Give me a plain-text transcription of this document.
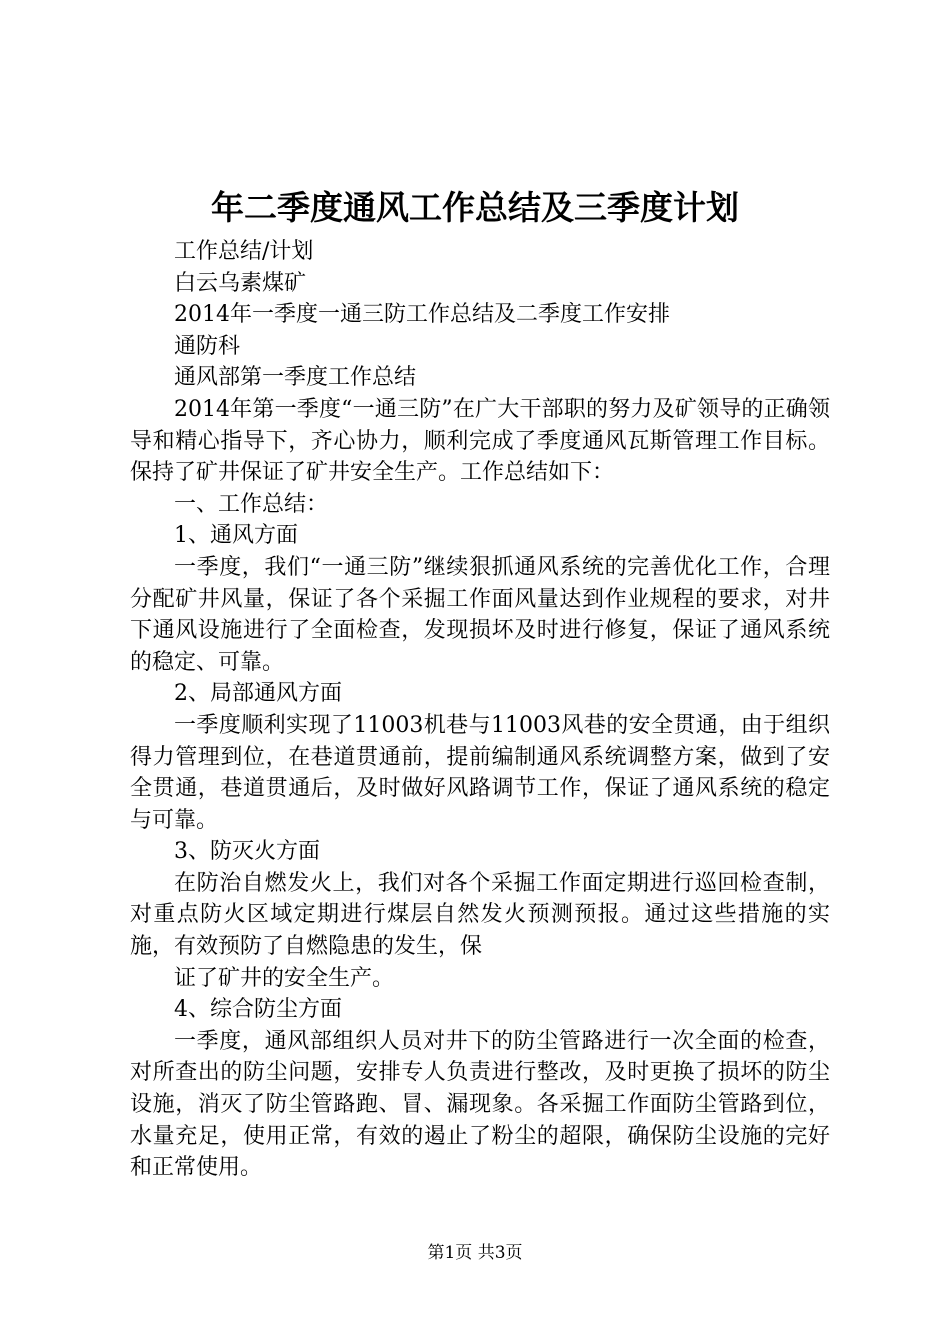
年二季度通风工作总结及三季度计划

工作总结/计划

白云乌素煤矿

2014年一季度一通三防工作总结及二季度工作安排

通防科

通风部第一季度工作总结

2014年第一季度“一通三防”在广大干部职的努力及矿领导的正确领导和精心指导下，齐心协力，顺利完成了季度通风瓦斯管理工作目标。保持了矿井保证了矿井安全生产。工作总结如下：

一、工作总结：

1、通风方面

一季度，我们“一通三防”继续狠抓通风系统的完善优化工作，合理分配矿井风量，保证了各个采掘工作面风量达到作业规程的要求，对井下通风设施进行了全面检查，发现损坏及时进行修复，保证了通风系统的稳定、可靠。

2、局部通风方面

一季度顺利实现了11003机巷与11003风巷的安全贯通，由于组织得力管理到位，在巷道贯通前，提前编制通风系统调整方案，做到了安全贯通，巷道贯通后，及时做好风路调节工作，保证了通风系统的稳定与可靠。

3、防灭火方面

在防治自燃发火上，我们对各个采掘工作面定期进行巡回检查制，对重点防火区域定期进行煤层自然发火预测预报。通过这些措施的实施，有效预防了自燃隐患的发生，保

证了矿井的安全生产。

4、综合防尘方面

一季度，通风部组织人员对井下的防尘管路进行一次全面的检查，对所查出的防尘问题，安排专人负责进行整改，及时更换了损坏的防尘设施，消灭了防尘管路跑、冒、漏现象。各采掘工作面防尘管路到位，水量充足，使用正常，有效的遏止了粉尘的超限，确保防尘设施的完好和正常使用。

第1页 共3页
